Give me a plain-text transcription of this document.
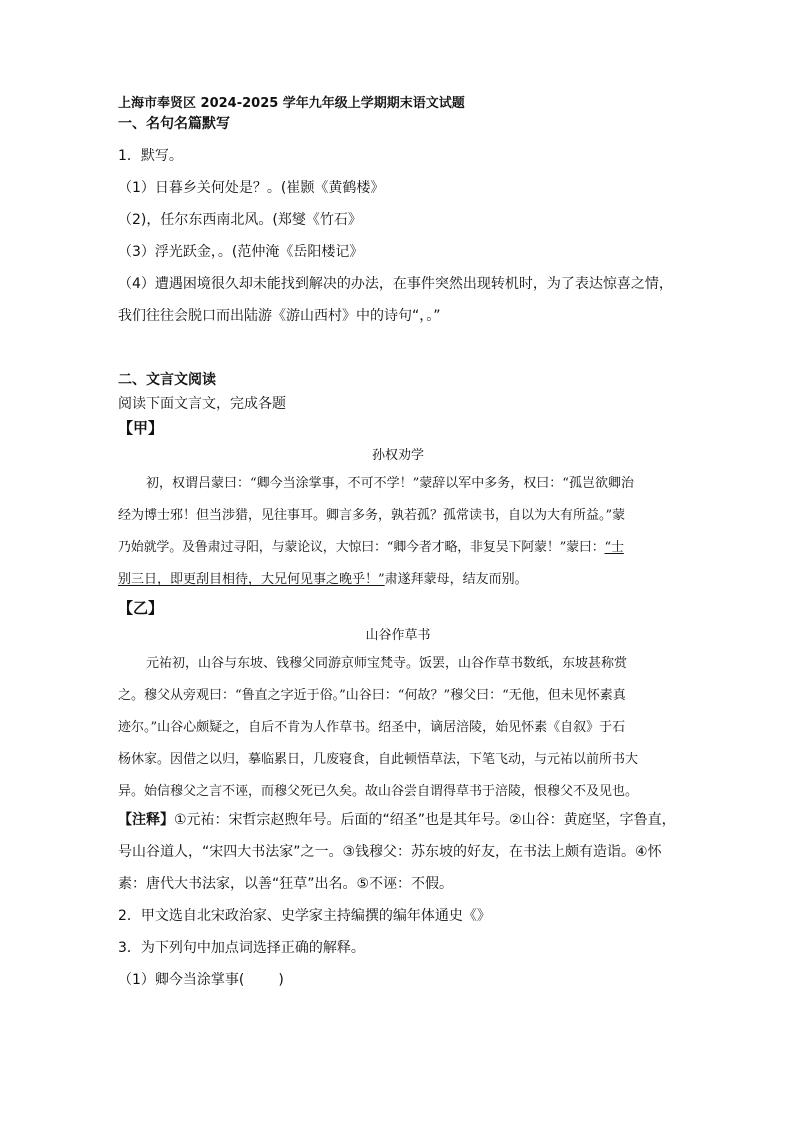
上海市奉贤区 2024-2025 学年九年级上学期期末语文试题
一、名句名篇默写
1．默写。
（1）日暮乡关何处是？。(崔颢《黄鹤楼》
（2)，任尔东西南北风。(郑燮《竹石》
（3）浮光跃金，。(范仲淹《岳阳楼记》
（4）遭遇困境很久却未能找到解决的办法，在事件突然出现转机时，为了表达惊喜之情，
我们往往会脱口而出陆游《游山西村》中的诗句“，。”
二、文言文阅读
阅读下面文言文，完成各题
【甲】
孙权劝学
初，权谓吕蒙曰：“卿今当涂掌事，不可不学！”蒙辞以军中多务，权曰：“孤岂欲卿治
经为博士邪！但当涉猎，见往事耳。卿言多务，孰若孤？孤常读书，自以为大有所益。”蒙
乃始就学。及鲁肃过寻阳，与蒙论议，大惊曰：“卿今者才略，非复吴下阿蒙！”蒙曰：“士
别三日，即更刮目相待，大兄何见事之晚乎！”肃遂拜蒙母，结友而别。
【乙】
山谷作草书
元祐初，山谷与东坡、钱穆父同游京师宝梵寺。饭罢，山谷作草书数纸，东坡甚称赏
之。穆父从旁观曰：“鲁直之字近于俗。”山谷曰：“何故？”穆父曰：“无他，但未见怀素真
迹尔。”山谷心颇疑之，自后不肯为人作草书。绍圣中，谪居涪陵，始见怀素《自叙》于石
杨休家。因借之以归，摹临累日，几废寝食，自此顿悟草法，下笔飞动，与元祐以前所书大
异。始信穆父之言不诬，而穆父死已久矣。故山谷尝自谓得草书于涪陵，恨穆父不及见也。
【注释】①元祐：宋哲宗赵煦年号。后面的“绍圣”也是其年号。②山谷：黄庭坚，字鲁直，
号山谷道人，“宋四大书法家”之一。③钱穆父：苏东坡的好友，在书法上颇有造诣。④怀
素：唐代大书法家，以善“狂草”出名。⑤不诬：不假。
2．甲文选自北宋政治家、史学家主持编撰的编年体通史《》
3．为下列句中加点词选择正确的解释。
（1）卿今当涂掌事( )
